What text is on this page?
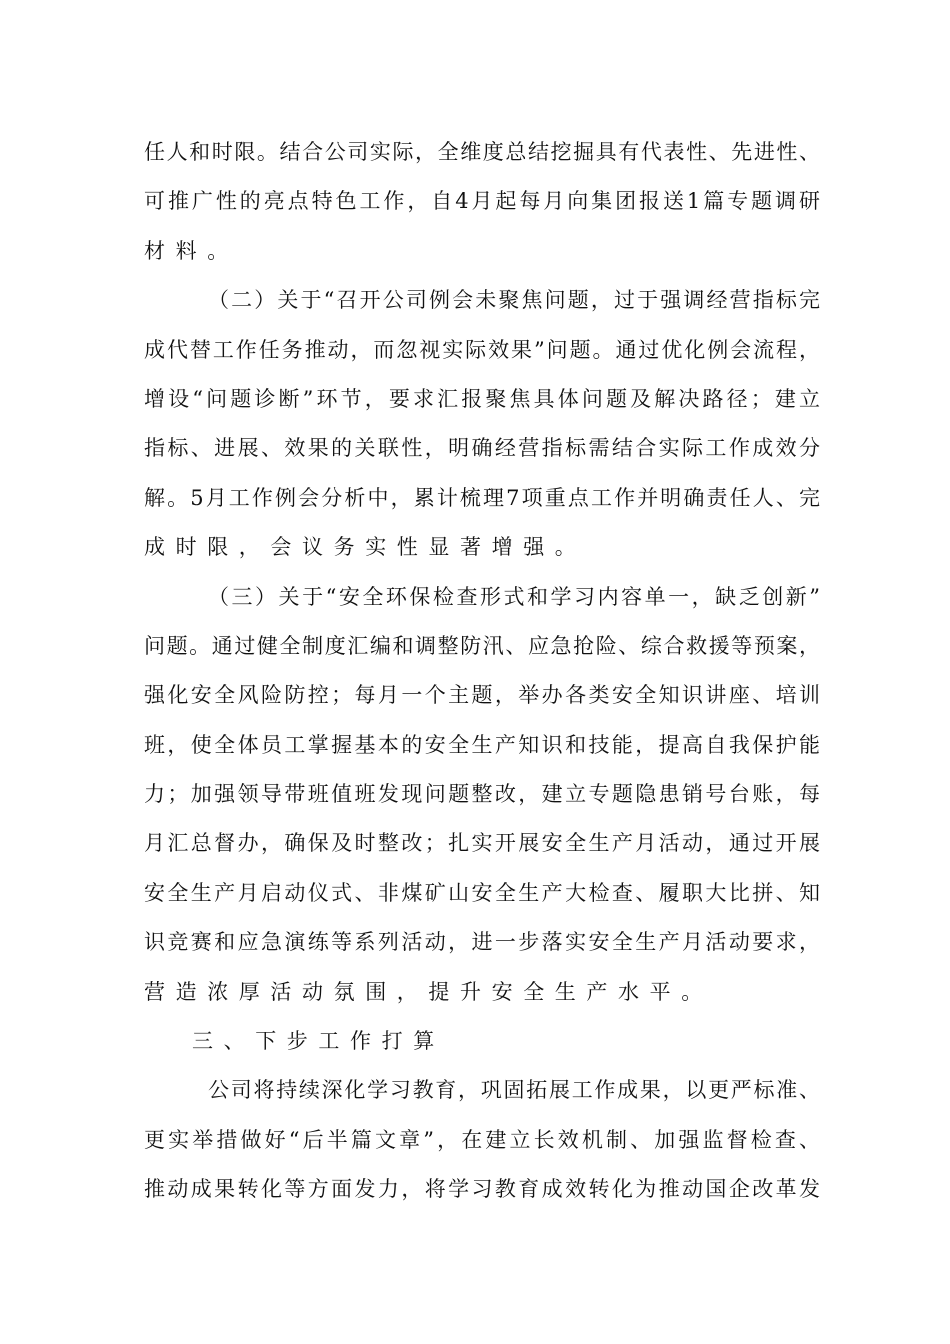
任人和时限。结合公司实际，全维度总结挖掘具有代表性、先进性、
可推广性的亮点特色工作，自4月起每月向集团报送1篇专题调研
材料。
（二）关于“召开公司例会未聚焦问题，过于强调经营指标完
成代替工作任务推动，而忽视实际效果”问题。通过优化例会流程，
增设“问题诊断”环节，要求汇报聚焦具体问题及解决路径；建立
指标、进展、效果的关联性，明确经营指标需结合实际工作成效分
解。5月工作例会分析中，累计梳理7项重点工作并明确责任人、完
成时限，会议务实性显著增强。
（三）关于“安全环保检查形式和学习内容单一，缺乏创新”
问题。通过健全制度汇编和调整防汛、应急抢险、综合救援等预案，
强化安全风险防控；每月一个主题，举办各类安全知识讲座、培训
班，使全体员工掌握基本的安全生产知识和技能，提高自我保护能
力；加强领导带班值班发现问题整改，建立专题隐患销号台账，每
月汇总督办，确保及时整改；扎实开展安全生产月活动，通过开展
安全生产月启动仪式、非煤矿山安全生产大检查、履职大比拼、知
识竞赛和应急演练等系列活动，进一步落实安全生产月活动要求，
营造浓厚活动氛围，提升安全生产水平。
三、下步工作打算
公司将持续深化学习教育，巩固拓展工作成果，以更严标准、
更实举措做好“后半篇文章”，在建立长效机制、加强监督检查、
推动成果转化等方面发力，将学习教育成效转化为推动国企改革发
